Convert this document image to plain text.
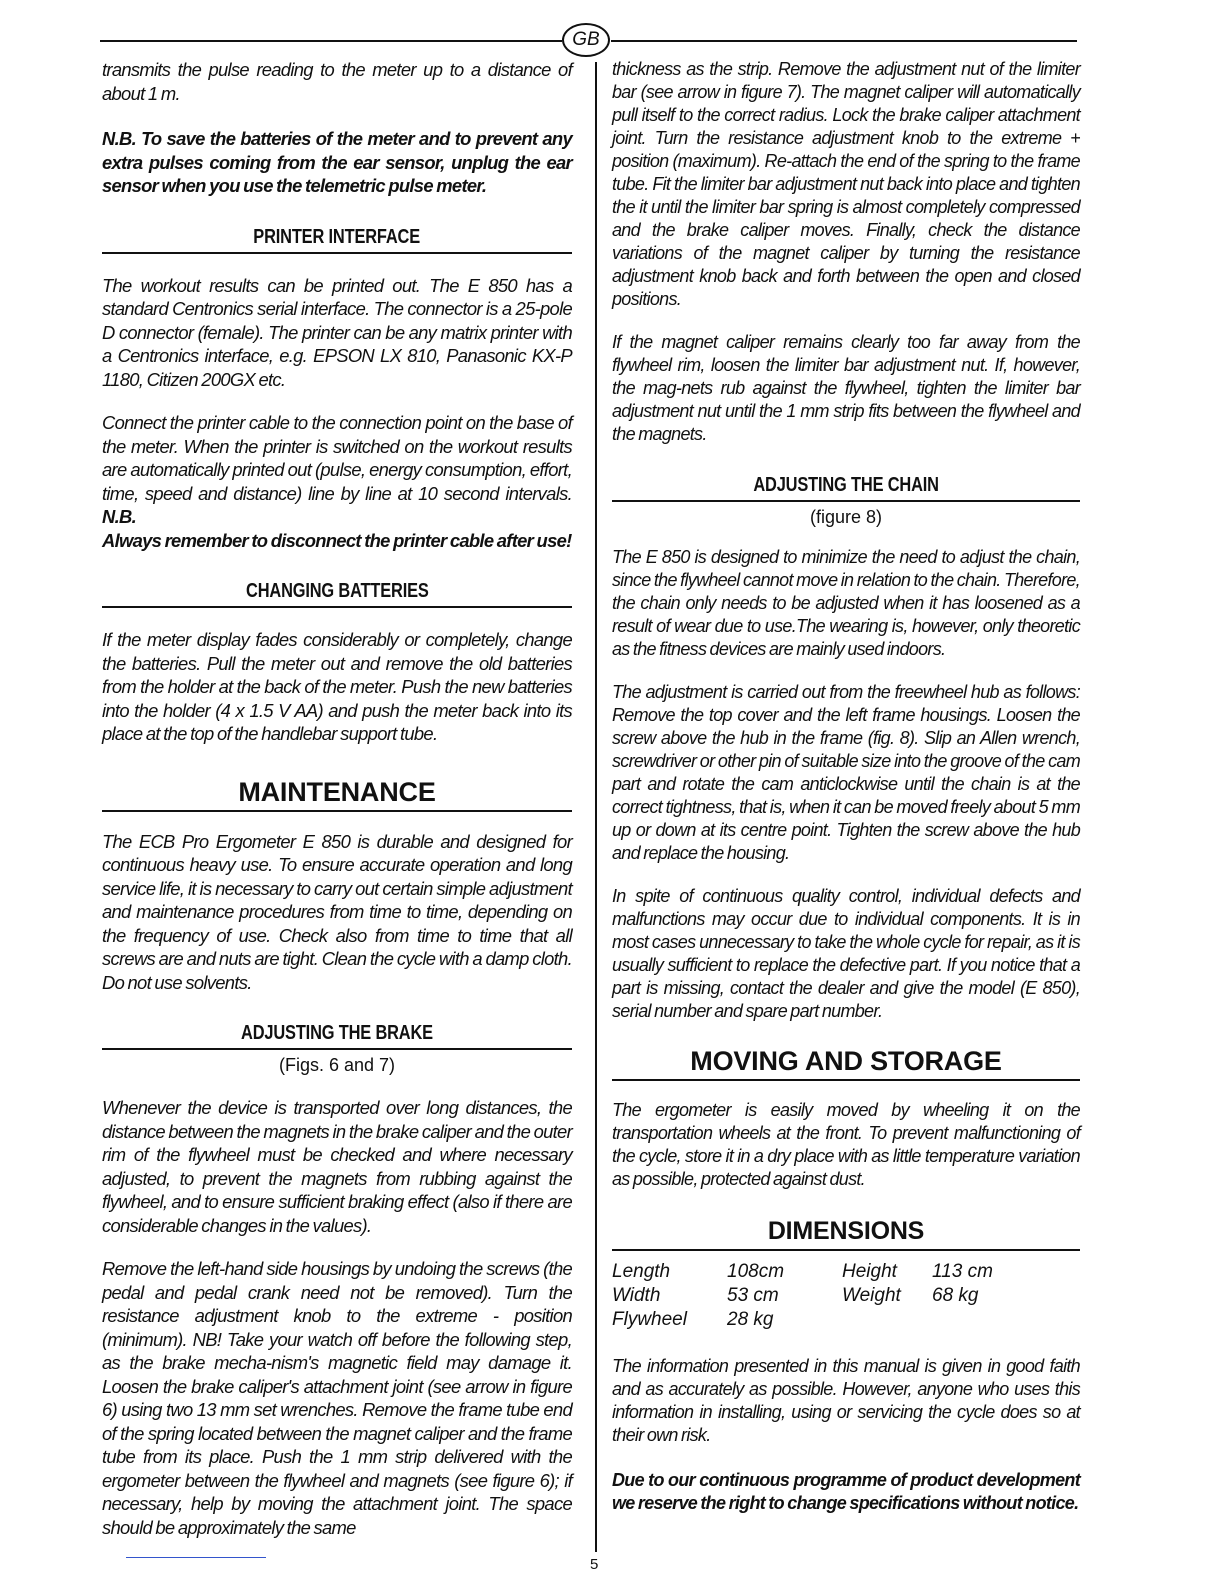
GB

transmits the pulse reading to the meter up to a distance of about 1 m.

N.B. To save the batteries of the meter and to prevent any extra pulses coming from the ear sensor, unplug the ear sensor when you use the telemetric pulse meter.

PRINTER INTERFACE

The workout results can be printed out. The E 850 has a standard Centronics serial interface. The connector is a 25-pole D connector (female). The printer can be any matrix printer with a Centronics interface, e.g. EPSON LX 810, Panasonic KX-P 1180, Citizen 200GX etc.

Connect the printer cable to the connection point on the base of the meter. When the printer is switched on the workout results are automatically printed out (pulse, energy consumption, effort, time, speed and distance) line by line at 10 second intervals. N.B.

Always remember to disconnect the printer cable after use!

CHANGING BATTERIES

If the meter display fades considerably or completely, change the batteries. Pull the meter out and remove the old batteries from the holder at the back of the meter. Push the new batteries into the holder (4 x 1.5 V AA) and push the meter back into its place at the top of the handlebar support tube.

MAINTENANCE

The ECB Pro Ergometer E 850 is durable and designed for continuous heavy use. To ensure accurate operation and long service life, it is necessary to carry out certain simple adjustment and maintenance procedures from time to time, depending on the frequency of use. Check also from time to time that all screws are and nuts are tight. Clean the cycle with a damp cloth. Do not use solvents.

ADJUSTING THE BRAKE
(Figs. 6 and 7)

Whenever the device is transported over long distances, the distance between the magnets in the brake caliper and the outer rim of the flywheel must be checked and where necessary adjusted, to prevent the magnets from rubbing against the flywheel, and to ensure sufficient braking effect (also if there are considerable changes in the values).

Remove the left-hand side housings by undoing the screws (the pedal and pedal crank need not be removed). Turn the resistance adjustment knob to the extreme - position (minimum). NB! Take your watch off before the following step, as the brake mecha-nism's magnetic field may damage it. Loosen the brake caliper's attachment joint (see arrow in figure 6) using two 13 mm set wrenches. Remove the frame tube end of the spring located between the magnet caliper and the frame tube from its place. Push the 1 mm strip delivered with the ergometer between the flywheel and magnets (see figure 6); if necessary, help by moving the attachment joint. The space should be approximately the same

thickness as the strip. Remove the adjustment nut of the limiter bar (see arrow in figure 7). The magnet caliper will automatically pull itself to the correct radius. Lock the brake caliper attachment joint. Turn the resistance adjustment knob to the extreme + position (maximum). Re-attach the end of the spring to the frame tube. Fit the limiter bar adjustment nut back into place and tighten the it until the limiter bar spring is almost completely compressed and the brake caliper moves. Finally, check the distance variations of the magnet caliper by turning the resistance adjustment knob back and forth between the open and closed positions.

If the magnet caliper remains clearly too far away from the flywheel rim, loosen the limiter bar adjustment nut. If, however, the mag-nets rub against the flywheel, tighten the limiter bar adjustment nut until the 1 mm strip fits between the flywheel and the magnets.

ADJUSTING THE CHAIN
(figure 8)

The E 850 is designed to minimize the need to adjust the chain, since the flywheel cannot move in relation to the chain. Therefore, the chain only needs to be adjusted when it has loosened as a result of wear due to use.The wearing is, however, only theoretic as the fitness devices are mainly used indoors.

The adjustment is carried out from the freewheel hub as follows: Remove the top cover and the left frame housings. Loosen the screw above the hub in the frame (fig. 8). Slip an Allen wrench, screwdriver or other pin of suitable size into the groove of the cam part and rotate the cam anticlockwise until the chain is at the correct tightness, that is, when it can be moved freely about 5 mm up or down at its centre point. Tighten the screw above the hub and replace the housing.

In spite of continuous quality control, individual defects and malfunctions may occur due to individual components. It is in most cases unnecessary to take the whole cycle for repair, as it is usually sufficient to replace the defective part. If you notice that a part is missing, contact the dealer and give the model (E 850), serial number and spare part number.

MOVING AND STORAGE

The ergometer is easily moved by wheeling it on the transportation wheels at the front. To prevent malfunctioning of the cycle, store it in a dry place with as little temperature variation as possible, protected against dust.

DIMENSIONS
Length	108cm	Height	113 cm
Width	53 cm	Weight	68 kg
Flywheel	28 kg		

The information presented in this manual is given in good faith and as accurately as possible. However, anyone who uses this information in installing, using or servicing the cycle does so at their own risk.

Due to our continuous programme of product development we reserve the right to change specifications without notice.

5
